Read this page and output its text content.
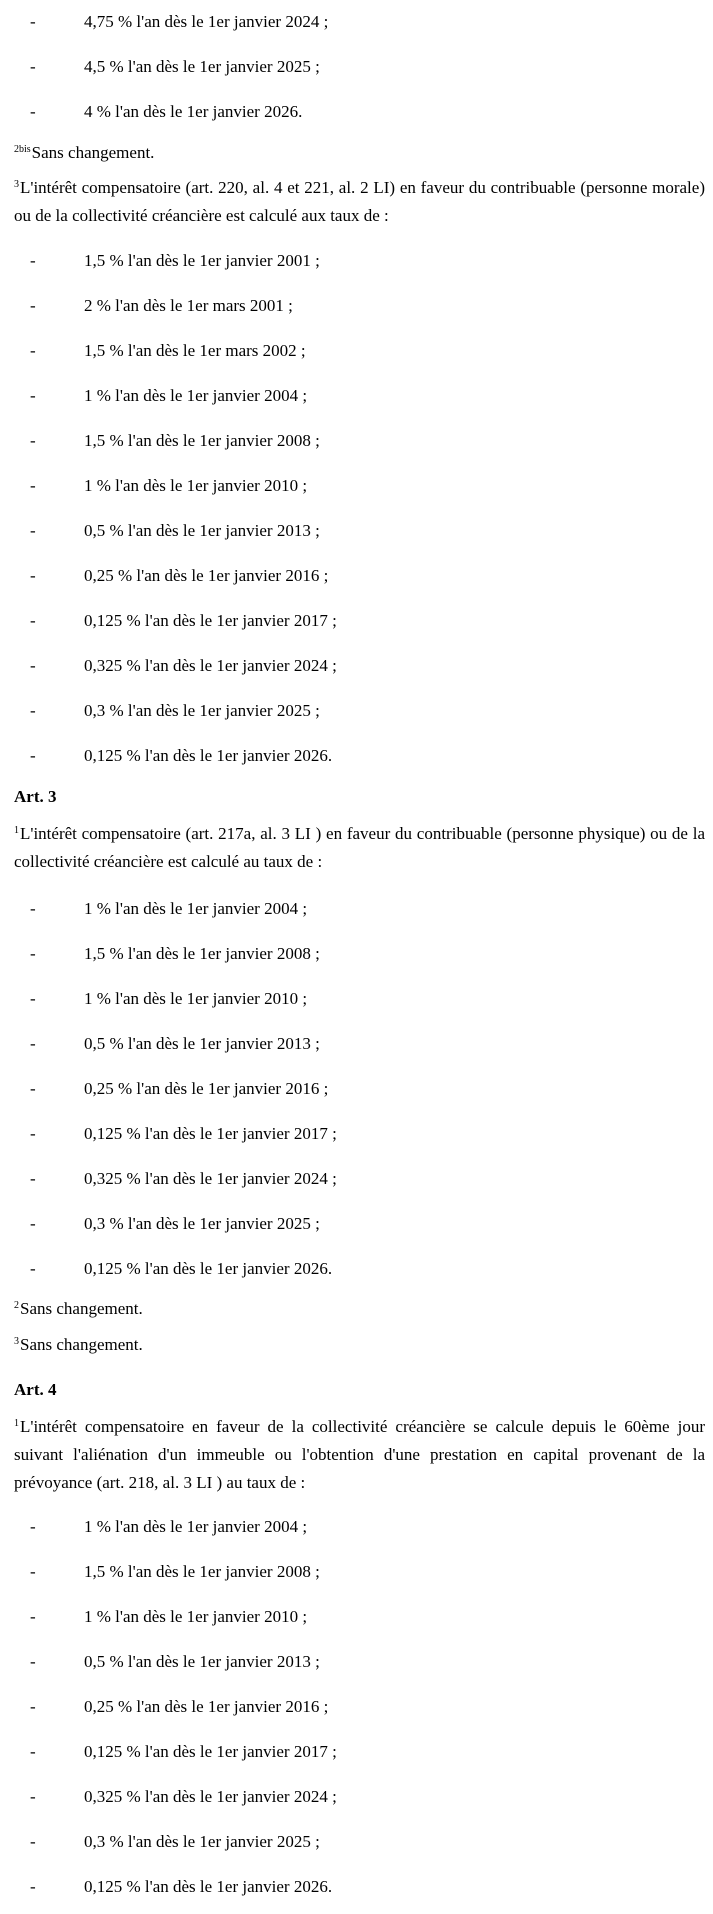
-	4,75 % l'an dès le 1er janvier 2024 ;
-	4,5 % l'an dès le 1er janvier 2025 ;
-	4 % l'an dès le 1er janvier 2026.

$^{2bis}$Sans changement.

$^3$L'intérêt compensatoire (art. 220, al. 4 et 221, al. 2 LI) en faveur du contribuable (personne morale) ou de la collectivité créancière est calculé aux taux de :

-	1,5 % l'an dès le 1er janvier 2001 ;
-	2 % l'an dès le 1er mars 2001 ;
-	1,5 % l'an dès le 1er mars 2002 ;
-	1 % l'an dès le 1er janvier 2004 ;
-	1,5 % l'an dès le 1er janvier 2008 ;
-	1 % l'an dès le 1er janvier 2010 ;
-	0,5 % l'an dès le 1er janvier 2013 ;
-	0,25 % l'an dès le 1er janvier 2016 ;
-	0,125 % l'an dès le 1er janvier 2017 ;
-	0,325 % l'an dès le 1er janvier 2024 ;
-	0,3 % l'an dès le 1er janvier 2025 ;
-	0,125 % l'an dès le 1er janvier 2026.

Art. 3

$^1$L'intérêt compensatoire (art. 217a, al. 3 LI ) en faveur du contribuable (personne physique) ou de la collectivité créancière est calculé au taux de :

-	1 % l'an dès le 1er janvier 2004 ;
-	1,5 % l'an dès le 1er janvier 2008 ;
-	1 % l'an dès le 1er janvier 2010 ;
-	0,5 % l'an dès le 1er janvier 2013 ;
-	0,25 % l'an dès le 1er janvier 2016 ;
-	0,125 % l'an dès le 1er janvier 2017 ;
-	0,325 % l'an dès le 1er janvier 2024 ;
-	0,3 % l'an dès le 1er janvier 2025 ;
-	0,125 % l'an dès le 1er janvier 2026.

$^2$Sans changement.

$^3$Sans changement.

Art. 4

$^1$L'intérêt compensatoire en faveur de la collectivité créancière se calcule depuis le 60ème jour suivant l'aliénation d'un immeuble ou l'obtention d'une prestation en capital provenant de la prévoyance (art. 218, al. 3 LI ) au taux de :

-	1 % l'an dès le 1er janvier 2004 ;
-	1,5 % l'an dès le 1er janvier 2008 ;
-	1 % l'an dès le 1er janvier 2010 ;
-	0,5 % l'an dès le 1er janvier 2013 ;
-	0,25 % l'an dès le 1er janvier 2016 ;
-	0,125 % l'an dès le 1er janvier 2017 ;
-	0,325 % l'an dès le 1er janvier 2024 ;
-	0,3 % l'an dès le 1er janvier 2025 ;
-	0,125 % l'an dès le 1er janvier 2026.
